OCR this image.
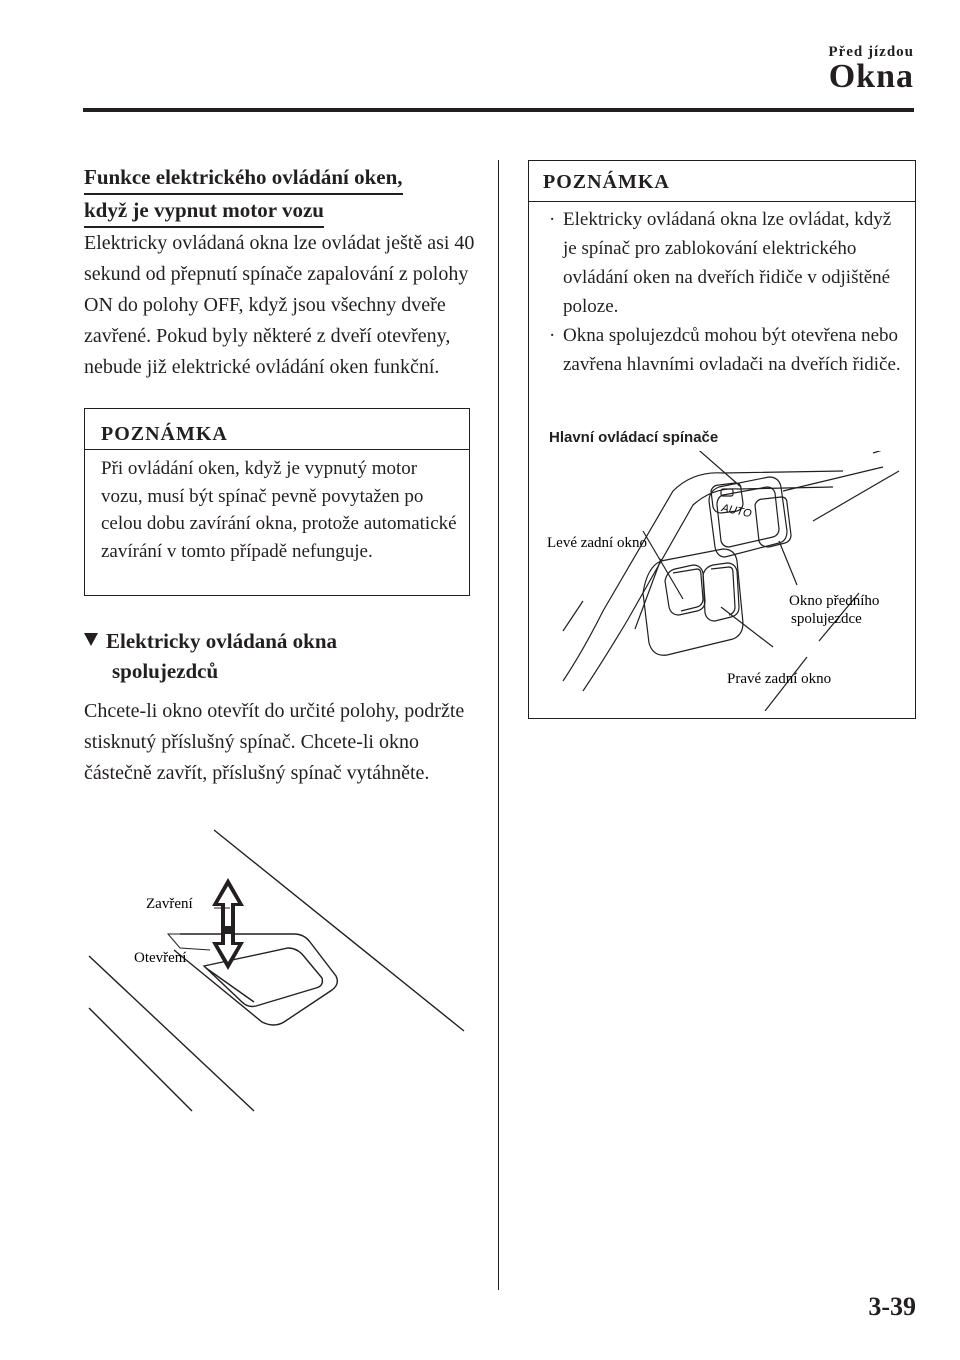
Před jízdou
Okna
Funkce elektrického ovládání oken,
když je vypnut motor vozu
Elektricky ovládaná okna lze ovládat ještě asi 40 sekund od přepnutí spínače zapalování z polohy ON do polohy OFF, když jsou všechny dveře zavřené. Pokud byly některé z dveří otevřeny, nebude již elektrické ovládání oken funkční.
POZNÁMKA
Při ovládání oken, když je vypnutý motor vozu, musí být spínač pevně povytažen po celou dobu zavírání okna, protože automatické zavírání v tomto případě nefunguje.
Elektricky ovládaná okna
spolujezdců
Chcete-li okno otevřít do určité polohy, podržte stisknutý příslušný spínač. Chcete-li okno částečně zavřít, příslušný spínač vytáhněte.
Zavření
Otevření
POZNÁMKA
· Elektricky ovládaná okna lze ovládat, když je spínač pro zablokování elektrického ovládání oken na dveřích řidiče v odjištěné poloze.
· Okna spolujezdců mohou být otevřena nebo zavřena hlavními ovladači na dveřích řidiče.
Hlavní ovládací spínače
AUTO
Levé zadní okno
Okno předního
spolujezdce
Pravé zadní okno
3-39
